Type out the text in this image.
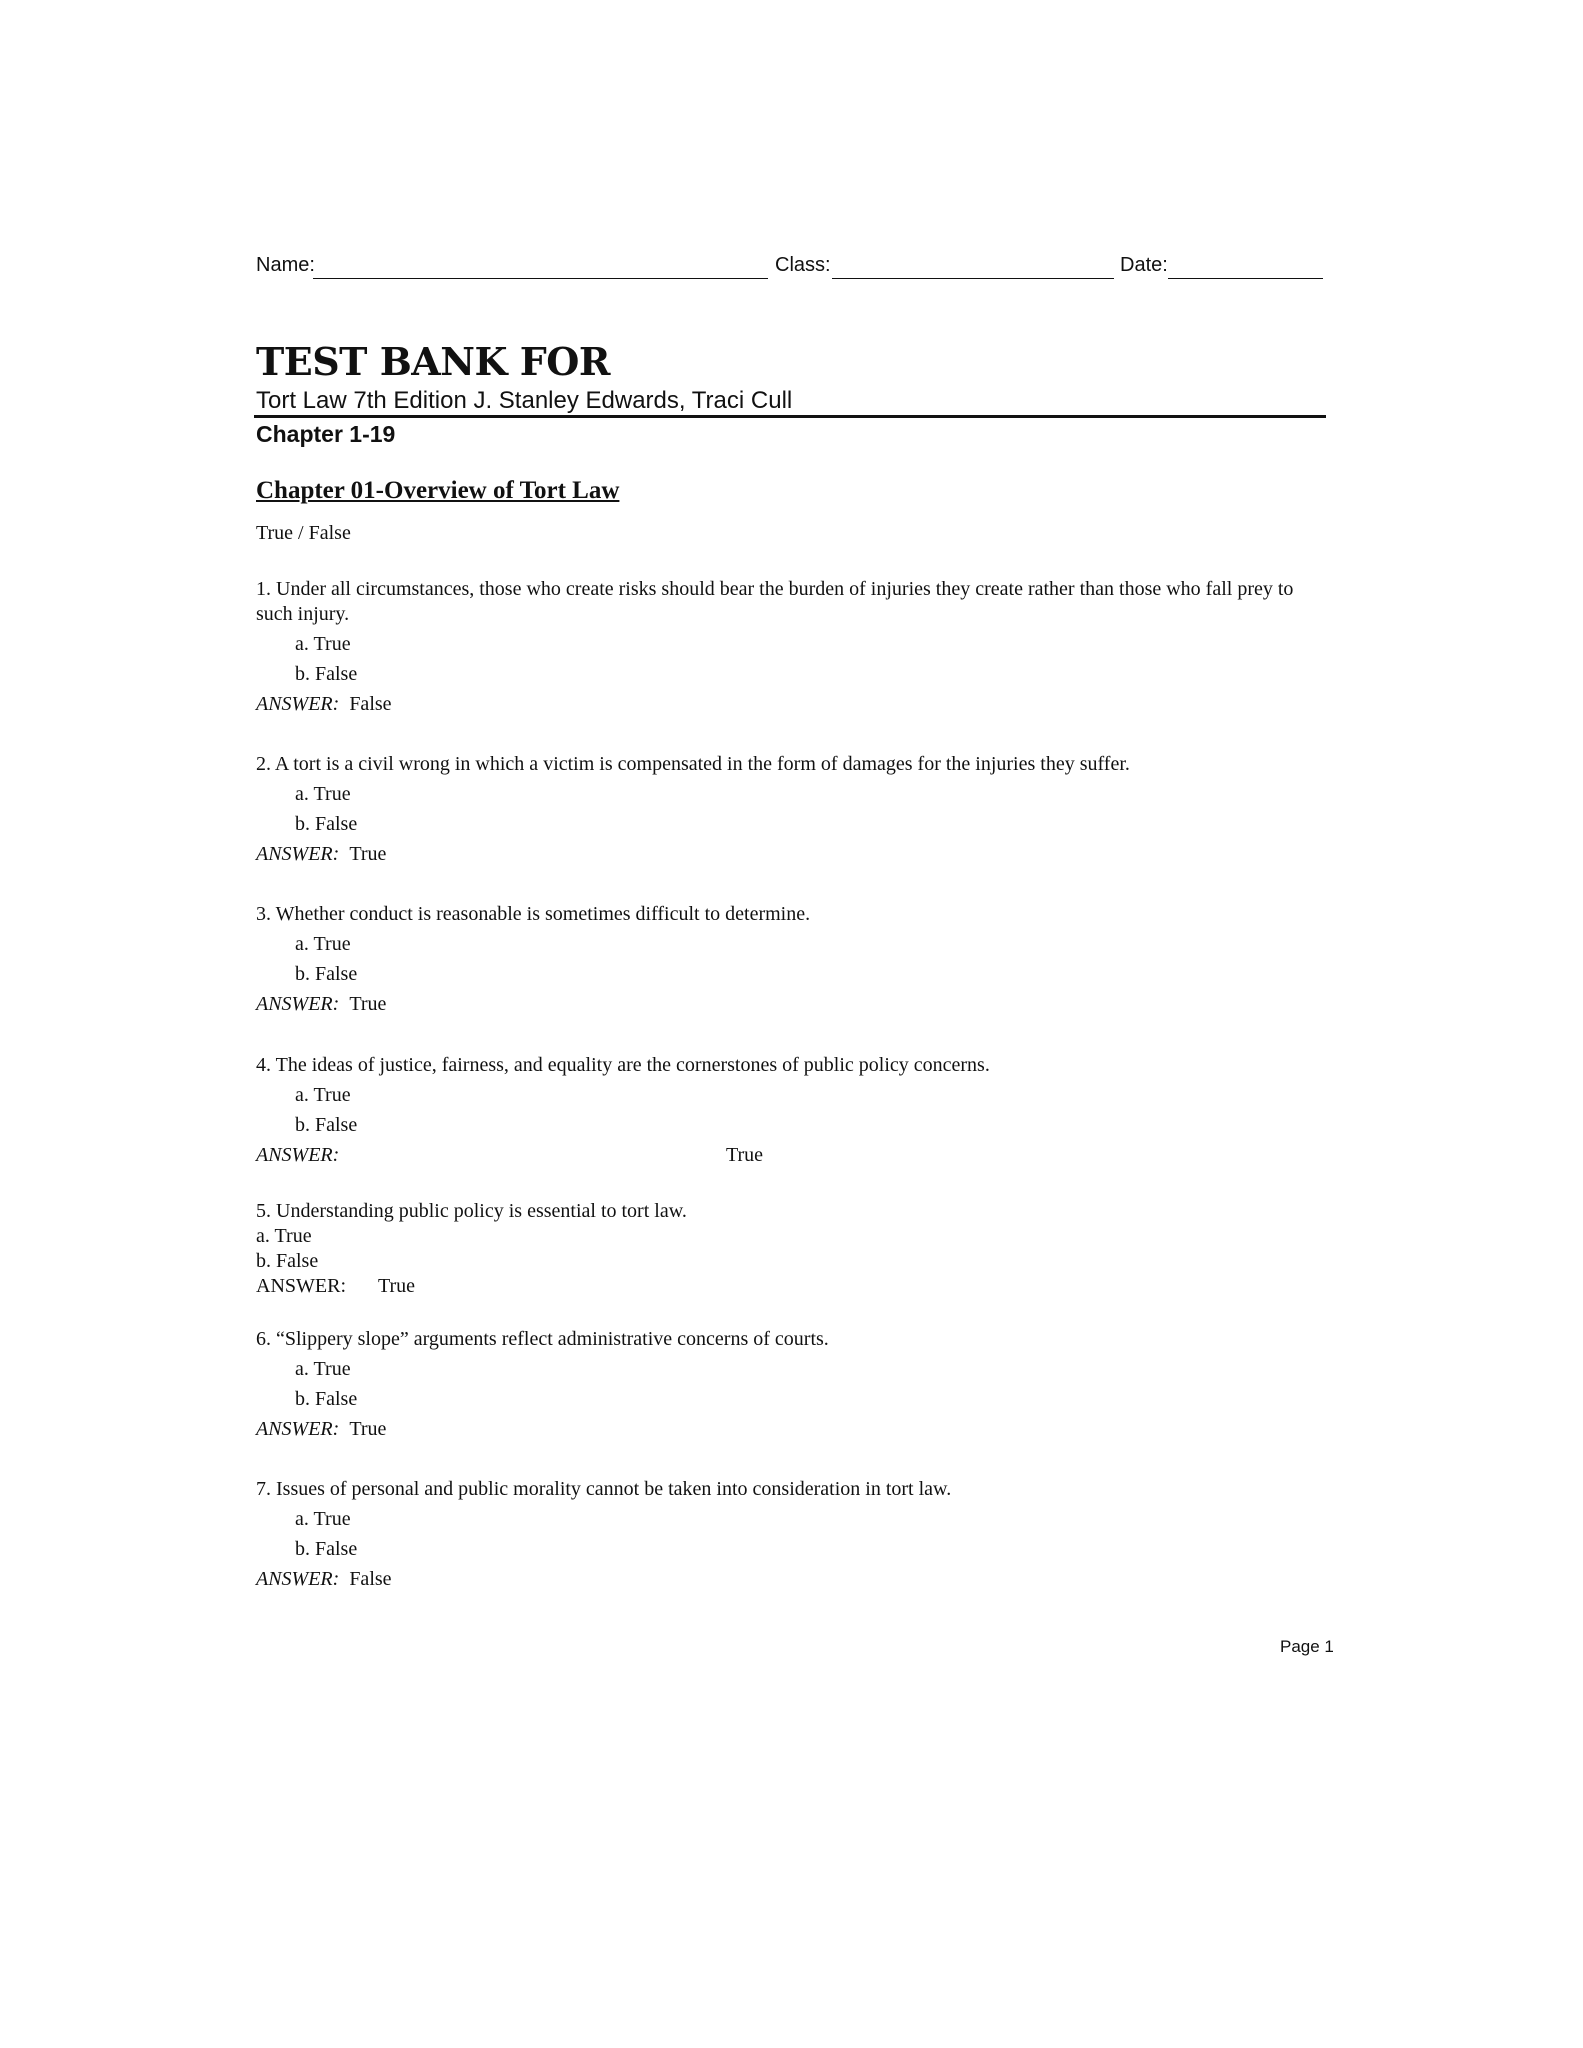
Name:	Class:	Date:
TEST BANK FOR
Tort Law 7th Edition J. Stanley Edwards, Traci Cull
Chapter 1-19
Chapter 01-Overview of Tort Law
True / False
1. Under all circumstances, those who create risks should bear the burden of injuries they create rather than those who fall prey to such injury.
a. True
b. False
ANSWER: False
2. A tort is a civil wrong in which a victim is compensated in the form of damages for the injuries they suffer.
a. True
b. False
ANSWER: True
3. Whether conduct is reasonable is sometimes difficult to determine.
a. True
b. False
ANSWER: True
4. The ideas of justice, fairness, and equality are the cornerstones of public policy concerns.
a. True
b. False
ANSWER:	True
5. Understanding public policy is essential to tort law.
a. True
b. False
ANSWER: True
6. “Slippery slope” arguments reflect administrative concerns of courts.
a. True
b. False
ANSWER: True
7. Issues of personal and public morality cannot be taken into consideration in tort law.
a. True
b. False
ANSWER: False
Page 1
